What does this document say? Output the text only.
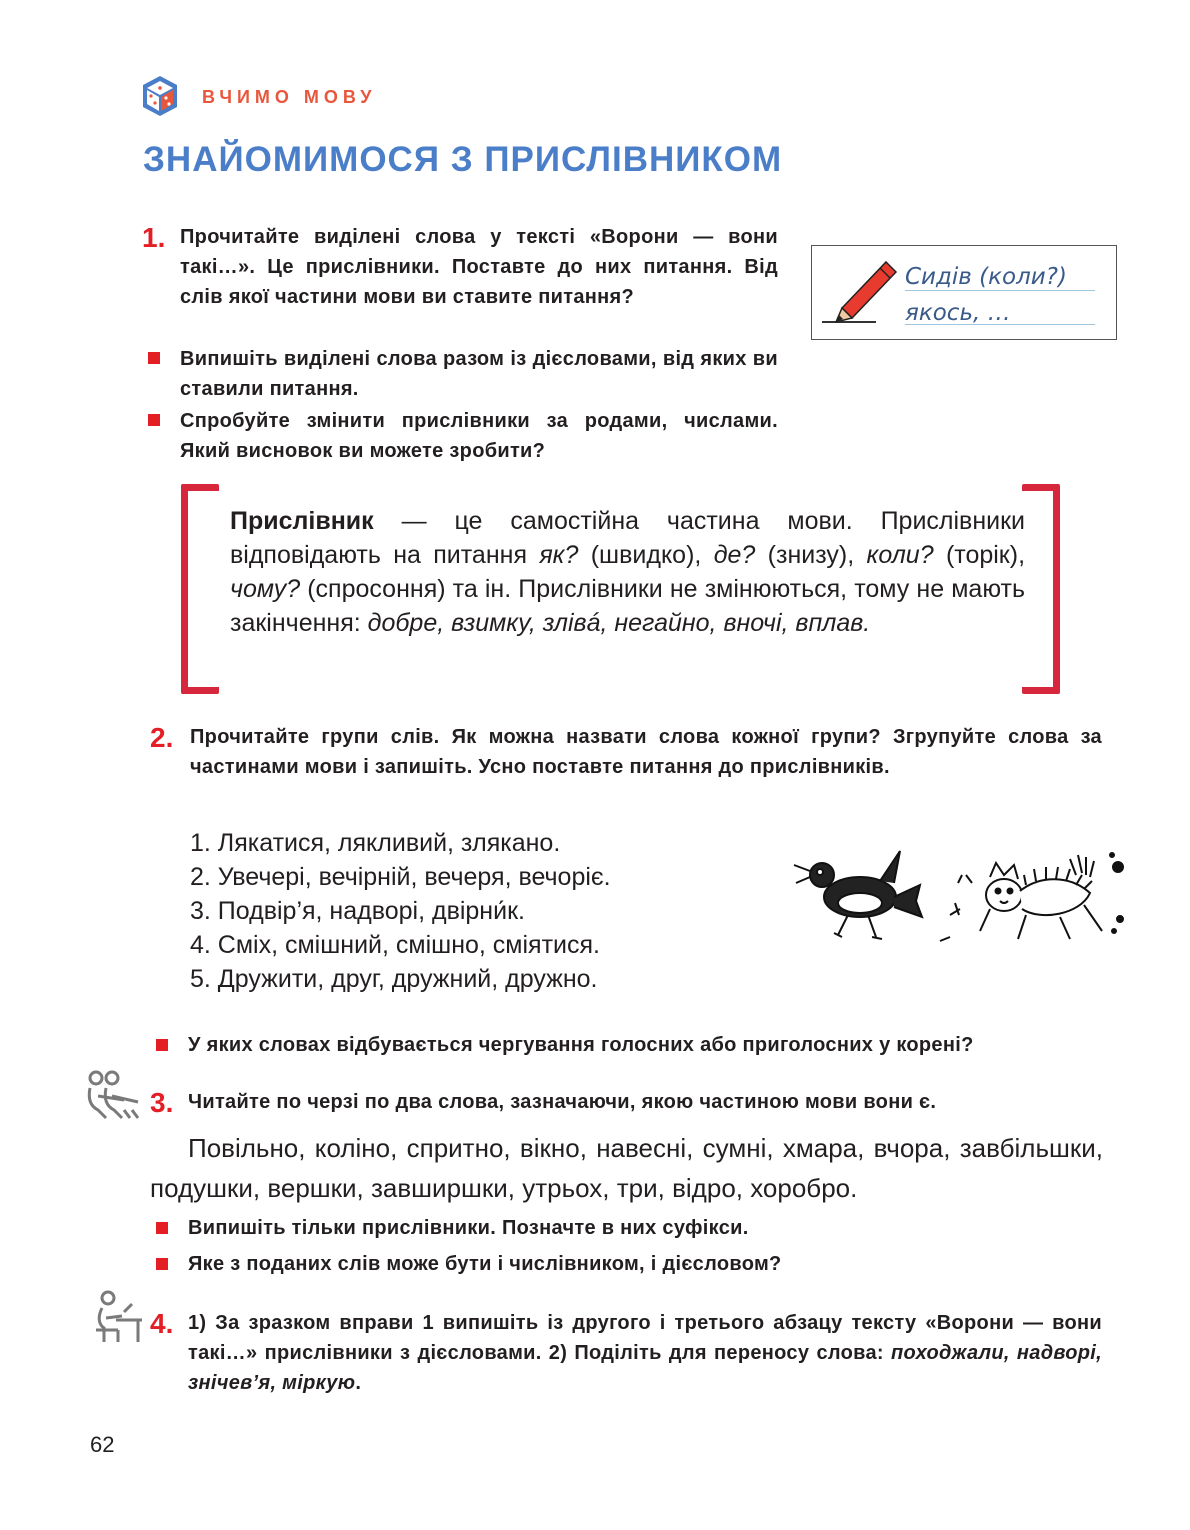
ВЧИМО МОВУ
ЗНАЙОМИМОСЯ З ПРИСЛІВНИКОМ
1. Прочитайте виділені слова у тексті «Ворони — вони такі…». Це прислівники. Поставте до них питання. Від слів якої частини мови ви ставите питання?
Випишіть виділені слова разом із дієсловами, від яких ви ставили питання.
Спробуйте змінити прислівники за родами, числами. Який висновок ви можете зробити?
Сидів (коли?)
якось, …
Прислівник — це самостійна частина мови. Прислівники відповідають на питання як? (швидко), де? (знизу), коли? (торік), чому? (спросоння) та ін. Прислівники не змінюються, тому не мають закінчення: добре, взимку, злівá, негайно, вночі, вплав.
2. Прочитайте групи слів. Як можна назвати слова кожної групи? Згрупуйте слова за частинами мови і запишіть. Усно поставте питання до прислівників.
1. Лякатися, лякливий, злякано.
2. Увечері, вечірній, вечеря, вечоріє.
3. Подвір’я, надворі, двірни́к.
4. Сміх, смішний, смішно, сміятися.
5. Дружити, друг, дружний, дружно.
У яких словах відбувається чергування голосних або приголосних у корені?
3. Читайте по черзі по два слова, зазначаючи, якою частиною мови вони є.
Повільно, коліно, спритно, вікно, навесні, сумні, хмара, вчора, завбільшки, подушки, вершки, завширшки, утрьох, три, відро, хоробро.
Випишіть тільки прислівники. Позначте в них суфікси.
Яке з поданих слів може бути і числівником, і дієсловом?
4. 1) За зразком вправи 1 випишіть із другого і третього абзацу тексту «Ворони — вони такі…» прислівники з дієсловами. 2) Поділіть для переносу слова: походжали, надворі, знічев’я, міркую.
62
